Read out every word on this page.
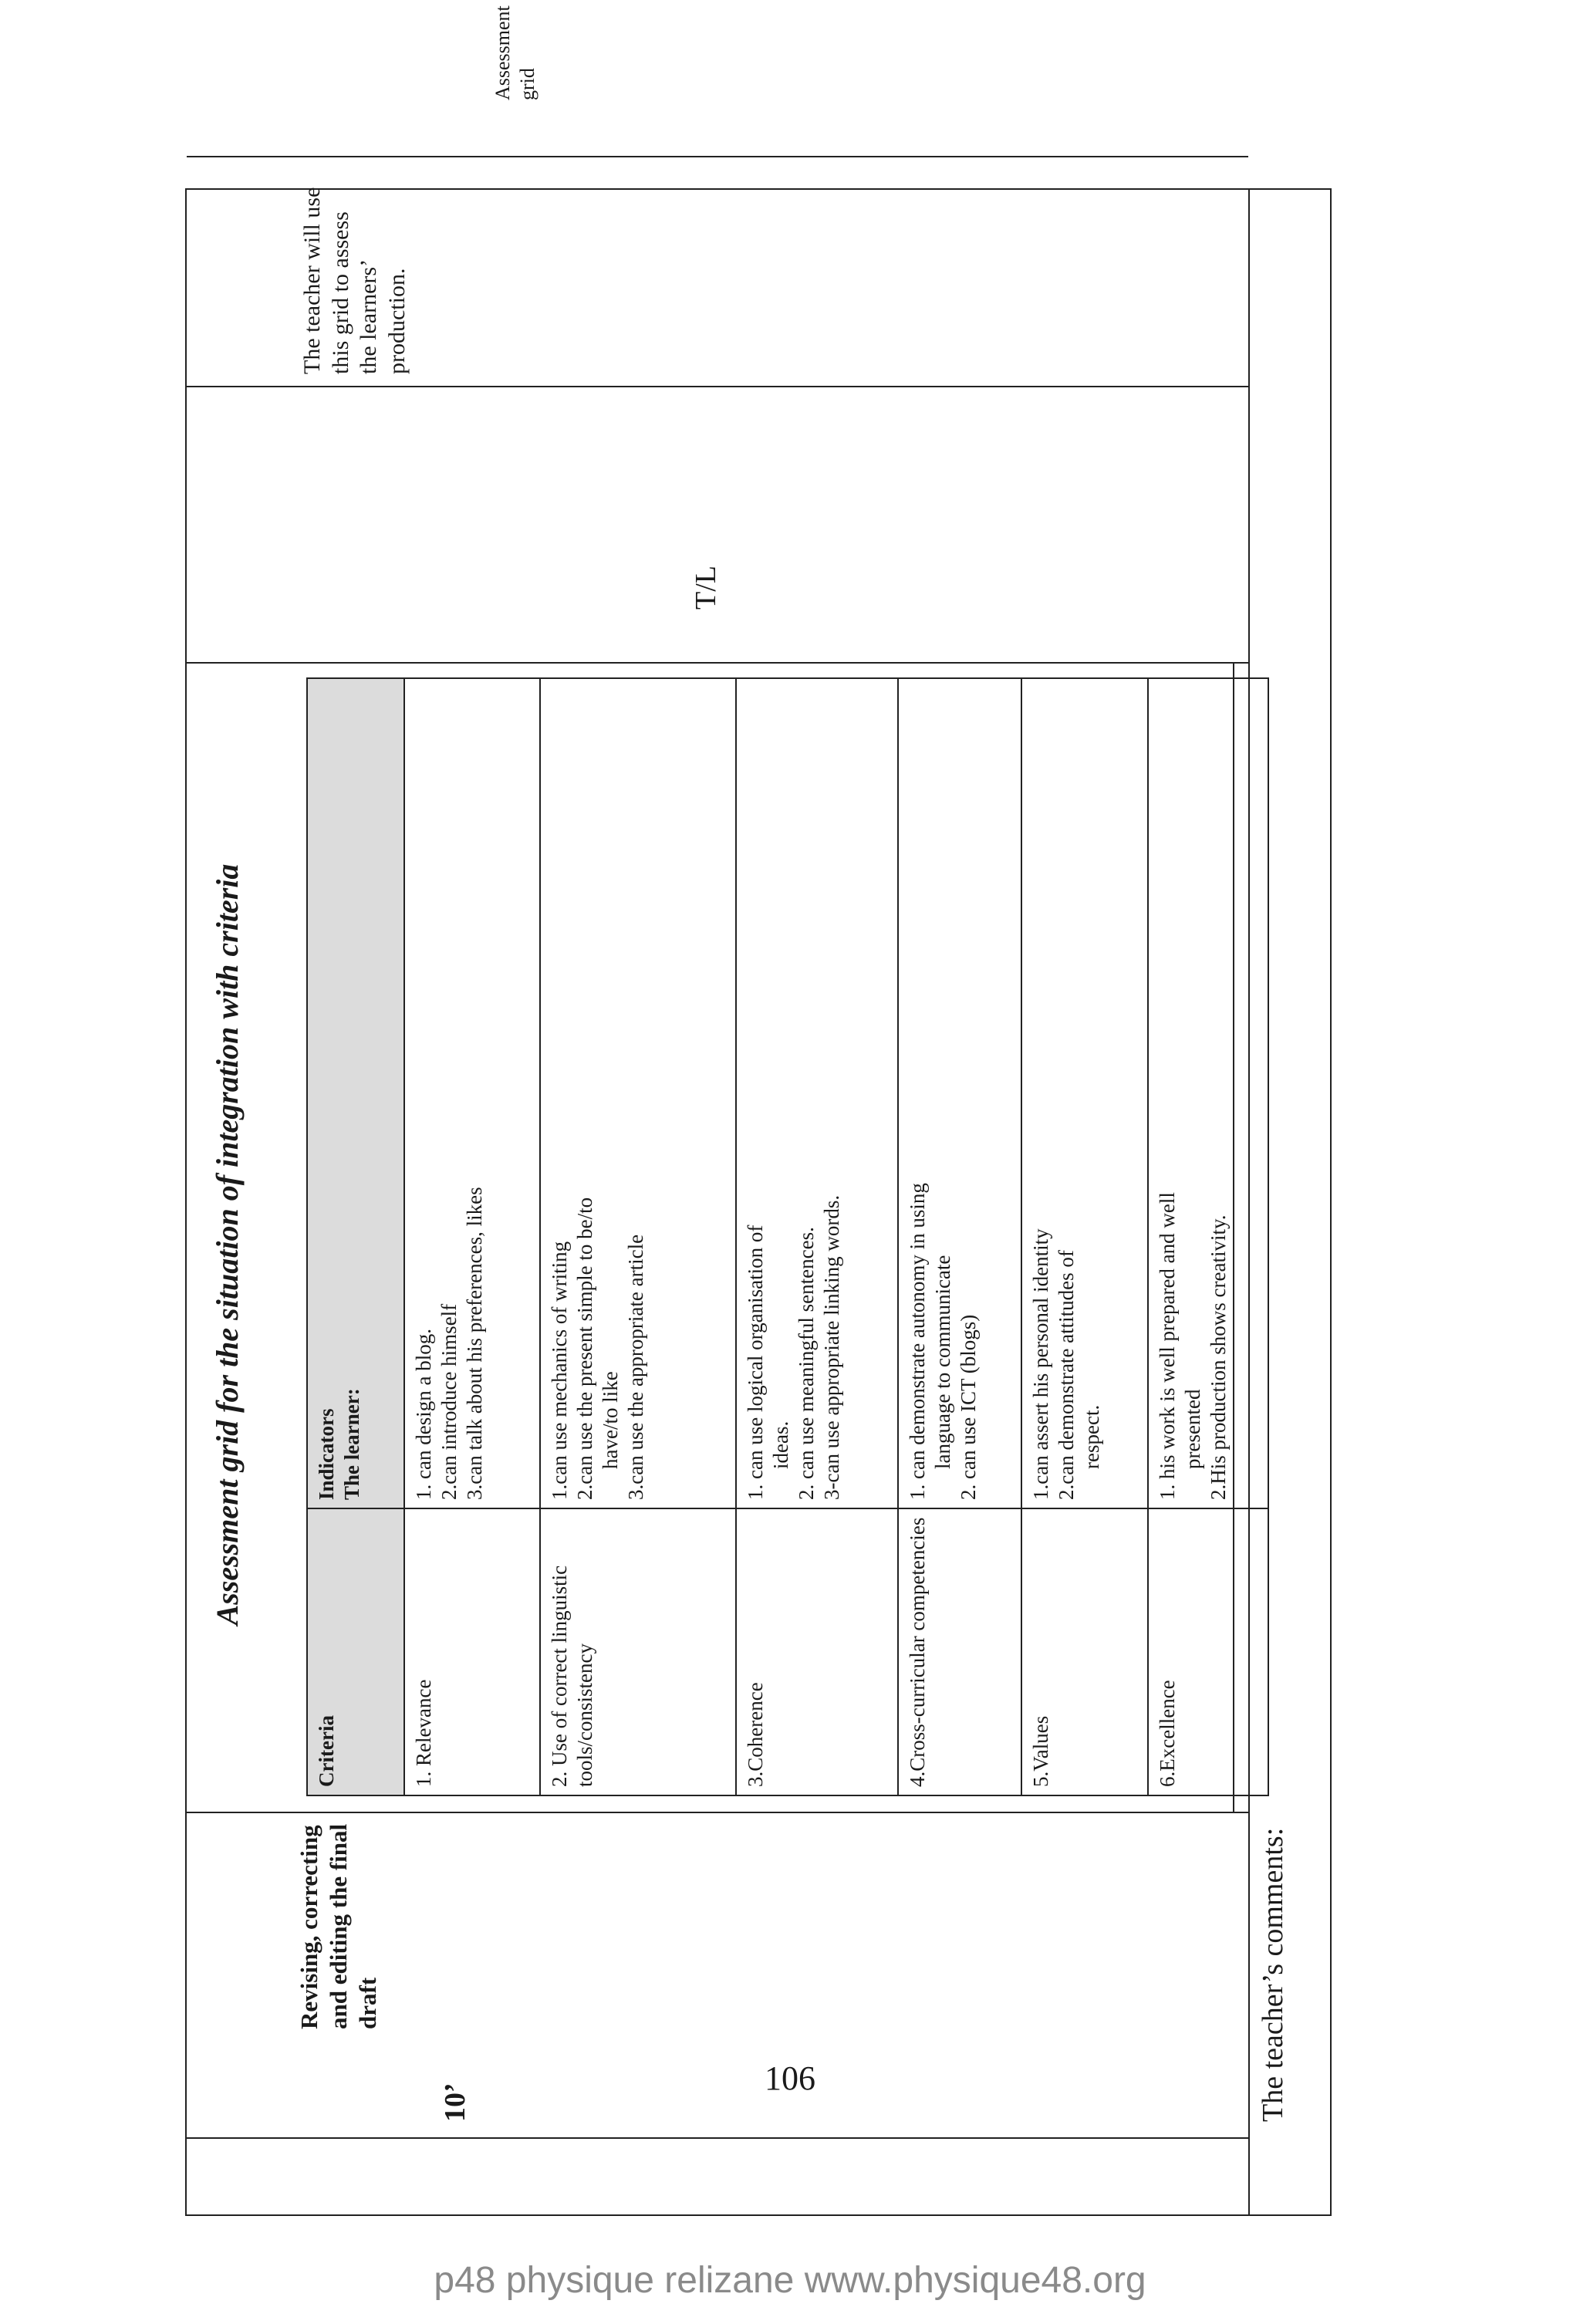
10’
Revising, correcting and editing the final draft
Assessment grid for the situation of integration with criteria
Criteria	Indicators The learner:

1. Relevance	1. can design a blog. 2.can introduce himself 3.can talk about his preferences, likes

2. Use of correct linguistic tools/consistency	1.can use mechanics of writing 2.can use the present simple to be/to have/to like 3.can use the appropriate article

3.Coherence	1. can use logical organisation of ideas. 2. can use meaningful sentences. 3-can use appropriate linking words.

4.Cross-curricular competencies	1. can demonstrate autonomy in using language to communicate 2. can use ICT (blogs)

5.Values	1.can assert his personal identity 2.can demonstrate attitudes of respect.

6.Excellence	1. his work is well prepared and well presented 2.His production shows creativity.
T/L
The teacher will use this grid to assess the learners’ production.
Assessment grid
The teacher’s comments:
106
p48 physique relizane www.physique48.org
